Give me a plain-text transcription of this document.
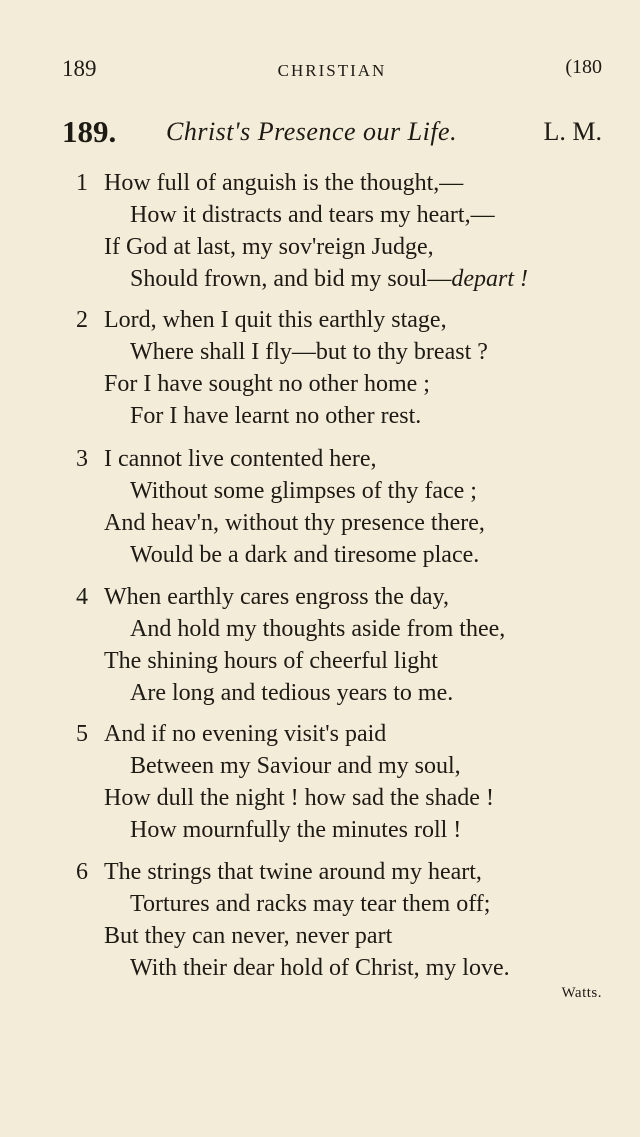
189	CHRISTIAN	(180
189. Christ's Presence our Life.	L. M.
1 How full of anguish is the thought,—
How it distracts and tears my heart,—
If God at last, my sov'reign Judge,
Should frown, and bid my soul—depart !
2 Lord, when I quit this earthly stage,
Where shall I fly—but to thy breast ?
For I have sought no other home ;
For I have learnt no other rest.
3 I cannot live contented here,
Without some glimpses of thy face ;
And heav'n, without thy presence there,
Would be a dark and tiresome place.
4 When earthly cares engross the day,
And hold my thoughts aside from thee,
The shining hours of cheerful light
Are long and tedious years to me.
5 And if no evening visit's paid
Between my Saviour and my soul,
How dull the night ! how sad the shade !
How mournfully the minutes roll !
6 The strings that twine around my heart,
Tortures and racks may tear them off;
But they can never, never part
With their dear hold of Christ, my love.
Watts.
